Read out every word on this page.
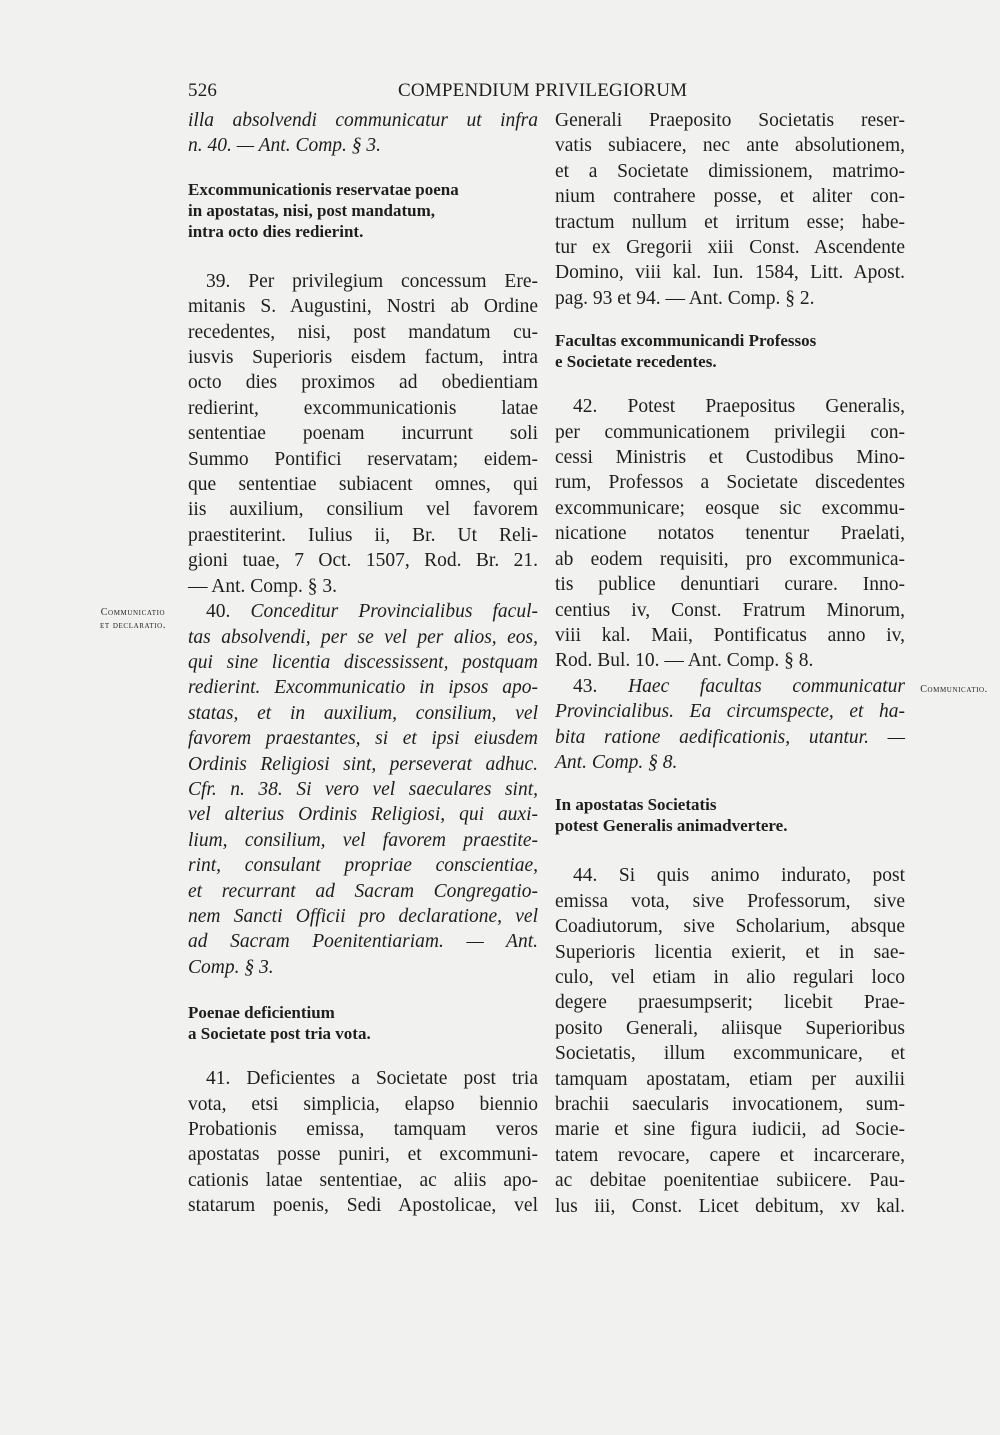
526	COMPENDIUM PRIVILEGIORUM
Communicatio
et declaratio.
Communicatio.

illa absolvendi communicatur ut infra

n. 40. — Ant. Comp. § 3.

Excommunicationis reservatae poena

in apostatas, nisi, post mandatum,

intra octo dies redierint.

39. Per privilegium concessum Ere-

mitanis S. Augustini, Nostri ab Ordine

recedentes, nisi, post mandatum cu-

iusvis Superioris eisdem factum, intra

octo dies proximos ad obedientiam

redierint, excommunicationis latae

sententiae poenam incurrunt soli

Summo Pontifici reservatam; eidem-

que sententiae subiacent omnes, qui

iis auxilium, consilium vel favorem

praestiterint. Iulius ii, Br. Ut Reli-

gioni tuae, 7 Oct. 1507, Rod. Br. 21.

— Ant. Comp. § 3.

40. Conceditur Provincialibus facul-

tas absolvendi, per se vel per alios, eos,

qui sine licentia discessissent, postquam

redierint. Excommunicatio in ipsos apo-

statas, et in auxilium, consilium, vel

favorem praestantes, si et ipsi eiusdem

Ordinis Religiosi sint, perseverat adhuc.

Cfr. n. 38. Si vero vel saeculares sint,

vel alterius Ordinis Religiosi, qui auxi-

lium, consilium, vel favorem praestite-

rint, consulant propriae conscientiae,

et recurrant ad Sacram Congregatio-

nem Sancti Officii pro declaratione, vel

ad Sacram Poenitentiariam. — Ant.

Comp. § 3.

Poenae deficientium

a Societate post tria vota.

41. Deficientes a Societate post tria

vota, etsi simplicia, elapso biennio

Probationis emissa, tamquam veros

apostatas posse puniri, et excommuni-

cationis latae sententiae, ac aliis apo-

statarum poenis, Sedi Apostolicae, vel

Generali Praeposito Societatis reser-

vatis subiacere, nec ante absolutionem,

et a Societate dimissionem, matrimo-

nium contrahere posse, et aliter con-

tractum nullum et irritum esse; habe-

tur ex Gregorii xiii Const. Ascendente

Domino, viii kal. Iun. 1584, Litt. Apost.

pag. 93 et 94. — Ant. Comp. § 2.

Facultas excommunicandi Professos

e Societate recedentes.

42. Potest Praepositus Generalis,

per communicationem privilegii con-

cessi Ministris et Custodibus Mino-

rum, Professos a Societate discedentes

excommunicare; eosque sic excommu-

nicatione notatos tenentur Praelati,

ab eodem requisiti, pro excommunica-

tis publice denuntiari curare. Inno-

centius iv, Const. Fratrum Minorum,

viii kal. Maii, Pontificatus anno iv,

Rod. Bul. 10. — Ant. Comp. § 8.

43. Haec facultas communicatur

Provincialibus. Ea circumspecte, et ha-

bita ratione aedificationis, utantur. —

Ant. Comp. § 8.

In apostatas Societatis

potest Generalis animadvertere.

44. Si quis animo indurato, post

emissa vota, sive Professorum, sive

Coadiutorum, sive Scholarium, absque

Superioris licentia exierit, et in sae-

culo, vel etiam in alio regulari loco

degere praesumpserit; licebit Prae-

posito Generali, aliisque Superioribus

Societatis, illum excommunicare, et

tamquam apostatam, etiam per auxilii

brachii saecularis invocationem, sum-

marie et sine figura iudicii, ad Socie-

tatem revocare, capere et incarcerare,

ac debitae poenitentiae subiicere. Pau-

lus iii, Const. Licet debitum, xv kal.
